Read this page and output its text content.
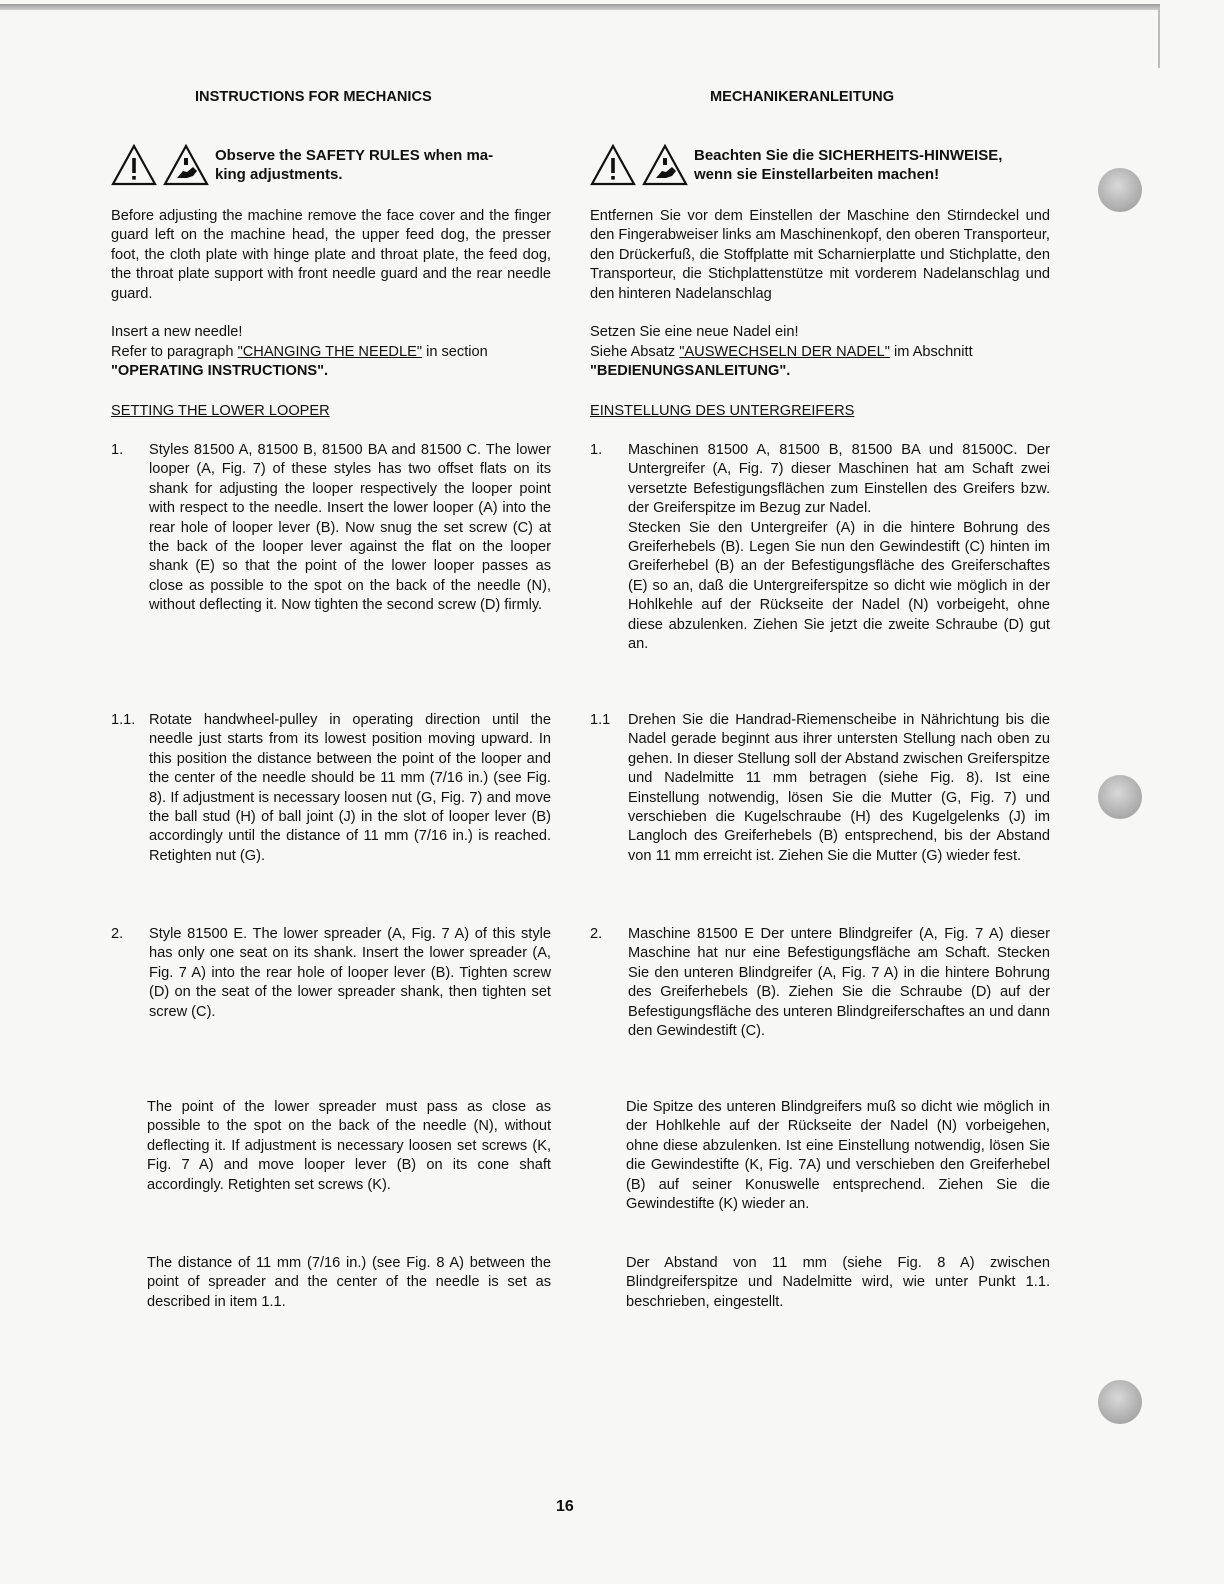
INSTRUCTIONS FOR MECHANICS
Observe the SAFETY RULES when ma-
king adjustments.

Before adjusting the machine remove the face cover and the finger guard left on the machine head, the upper feed dog, the presser foot, the cloth plate with hinge plate and throat plate, the feed dog, the throat plate support with front needle guard and the rear needle guard.

Insert a new needle!

Refer to paragraph "CHANGING THE NEEDLE" in section

"OPERATING INSTRUCTIONS".

SETTING THE LOWER LOOPER

1.	Styles 81500 A, 81500 B, 81500 BA and 81500 C. The lower looper (A, Fig. 7) of these styles has two offset flats on its shank for adjusting the looper respectively the looper point with respect to the needle. Insert the lower looper (A) into the rear hole of looper lever (B). Now snug the set screw (C) at the back of the looper lever against the flat on the looper shank (E) so that the point of the lower looper passes as close as possible to the spot on the back of the needle (N), without deflecting it. Now tighten the second screw (D) firmly.
1.1. Rotate handwheel-pulley in operating direction until the needle just starts from its lowest position moving upward. In this position the distance between the point of the looper and the center of the needle should be 11 mm (7/16 in.) (see Fig. 8). If adjustment is necessary loosen nut (G, Fig. 7) and move the ball stud (H) of ball joint (J) in the slot of looper lever (B) accordingly until the distance of 11 mm (7/16 in.) is reached. Retighten nut (G).
2.	Style 81500 E. The lower spreader (A, Fig. 7 A) of this style has only one seat on its shank. Insert the lower spreader (A, Fig. 7 A) into the rear hole of looper lever (B). Tighten screw (D) on the seat of the lower spreader shank, then tighten set screw (C).

The point of the lower spreader must pass as close as possible to the spot on the back of the needle (N), without deflecting it. If adjustment is necessary loosen set screws (K, Fig. 7 A) and move looper lever (B) on its cone shaft accordingly. Retighten set screws (K).

The distance of 11 mm (7/16 in.) (see Fig. 8 A) between the point of spreader and the center of the needle is set as described in item 1.1.

MECHANIKERANLEITUNG
Beachten Sie die SICHERHEITS-HINWEISE,
wenn sie Einstellarbeiten machen!

Entfernen Sie vor dem Einstellen der Maschine den Stirndeckel und den Fingerabweiser links am Maschinenkopf, den oberen Transporteur, den Drückerfuß, die Stoffplatte mit Scharnierplatte und Stichplatte, den Transporteur, die Stichplattenstütze mit vorderem Nadelanschlag und den hinteren Nadelanschlag

Setzen Sie eine neue Nadel ein!

Siehe Absatz "AUSWECHSELN DER NADEL" im Abschnitt

"BEDIENUNGSANLEITUNG".

EINSTELLUNG DES UNTERGREIFERS

1.	Maschinen 81500 A, 81500 B, 81500 BA und 81500C. Der Untergreifer (A, Fig. 7) dieser Maschinen hat am Schaft zwei versetzte Befestigungsflächen zum Einstellen des Greifers bzw. der Greiferspitze im Bezug zur Nadel.
Stecken Sie den Untergreifer (A) in die hintere Bohrung des Greiferhebels (B). Legen Sie nun den Gewindestift (C) hinten im Greiferhebel (B) an der Befestigungsfläche des Greiferschaftes (E) so an, daß die Untergreiferspitze so dicht wie möglich in der Hohlkehle auf der Rückseite der Nadel (N) vorbeigeht, ohne diese abzulenken. Ziehen Sie jetzt die zweite Schraube (D) gut an.
1.1	Drehen Sie die Handrad-Riemenscheibe in Nährichtung bis die Nadel gerade beginnt aus ihrer untersten Stellung nach oben zu gehen. In dieser Stellung soll der Abstand zwischen Greiferspitze und Nadelmitte 11 mm betragen (siehe Fig. 8). Ist eine Einstellung notwendig, lösen Sie die Mutter (G, Fig. 7) und verschieben die Kugelschraube (H) des Kugelgelenks (J) im Langloch des Greiferhebels (B) entsprechend, bis der Abstand von 11 mm erreicht ist. Ziehen Sie die Mutter (G) wieder fest.
2.	Maschine 81500 E Der untere Blindgreifer (A, Fig. 7 A) dieser Maschine hat nur eine Befestigungsfläche am Schaft. Stecken Sie den unteren Blindgreifer (A, Fig. 7 A) in die hintere Bohrung des Greiferhebels (B). Ziehen Sie die Schraube (D) auf der Befestigungsfläche des unteren Blindgreiferschaftes an und dann den Gewindestift (C).

Die Spitze des unteren Blindgreifers muß so dicht wie möglich in der Hohlkehle auf der Rückseite der Nadel (N) vorbeigehen, ohne diese abzulenken. Ist eine Einstellung notwendig, lösen Sie die Gewindestifte (K, Fig. 7A) und verschieben den Greiferhebel (B) auf seiner Konuswelle entsprechend. Ziehen Sie die Gewindestifte (K) wieder an.

Der Abstand von 11 mm (siehe Fig. 8 A) zwischen Blindgreiferspitze und Nadelmitte wird, wie unter Punkt 1.1. beschrieben, eingestellt.

16
